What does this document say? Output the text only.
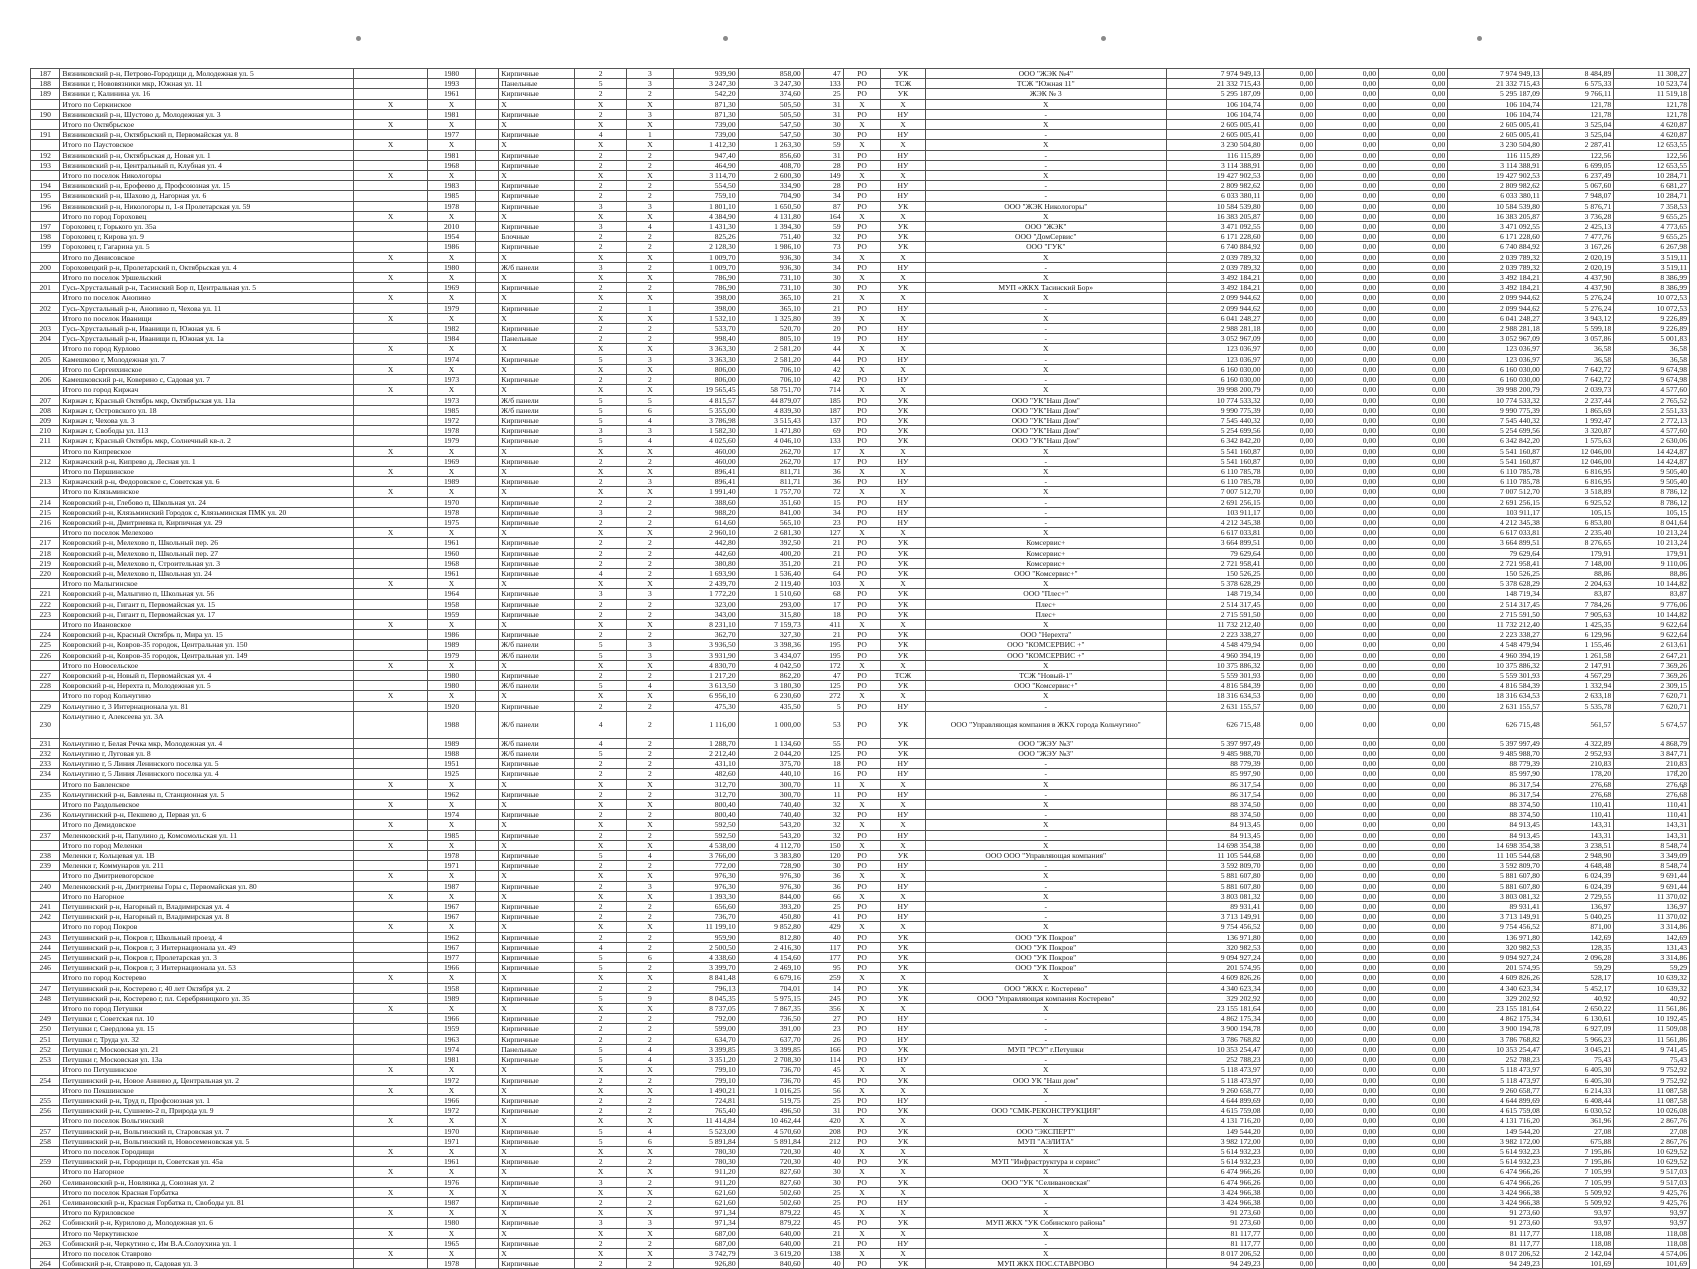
187	Вязниковский р-н, Петрово-Городищи д, Молодежная ул. 5		1980		Кирпичные	2	3	939,90	858,00	47	РО	УК	ООО "ЖЭК №4"	7 974 949,13	0,00	0,00	0,00	7 974 949,13	8 484,89	11 308,27
188	Вязники г, Нововязники мкр, Южная ул. 11		1993		Панельные	5	3	3 247,30	3 247,30	133	РО	ТСЖ	ТСЖ "Южная 11"	21 332 715,43	0,00	0,00	0,00	21 332 715,43	6 575,33	10 523,74
189	Вязники г, Калинина ул. 16		1961		Кирпичные	2	2	542,20	374,60	25	РО	УК	ЖЭК № 3	5 295 187,09	0,00	0,00	0,00	5 295 187,09	9 766,11	11 519,18
	Итого по Серкинское	X	X		X	X	X	871,30	505,50	31	X	X	X	106 104,74	0,00	0,00	0,00	106 104,74	121,78	121,78
190	Вязниковский р-н, Шустово д, Молодежная ул. 3		1981		Кирпичные	2	3	871,30	505,50	31	РО	НУ	-	106 104,74	0,00	0,00	0,00	106 104,74	121,78	121,78
	Итого по Октябрьское	X	X		X	X	X	739,00	547,50	30	X	X	X	2 605 005,41	0,00	0,00	0,00	2 605 005,41	3 525,04	4 620,87
191	Вязниковский р-н, Октябрьский п, Первомайская ул. 8		1977		Кирпичные	4	1	739,00	547,50	30	РО	НУ	-	2 605 005,41	0,00	0,00	0,00	2 605 005,41	3 525,04	4 620,87
	Итого по Паустовское	X	X		X	X	X	1 412,30	1 263,30	59	X	X	X	3 230 504,80	0,00	0,00	0,00	3 230 504,80	2 287,41	12 653,55
192	Вязниковский р-н, Октябрьская д, Новая ул. 1		1981		Кирпичные	2	2	947,40	856,60	31	РО	НУ	-	116 115,89	0,00	0,00	0,00	116 115,89	122,56	122,56
193	Вязниковский р-н, Центральный п, Клубная ул. 4		1968		Кирпичные	2	2	464,90	408,70	28	РО	НУ	-	3 114 388,91	0,00	0,00	0,00	3 114 388,91	6 699,05	12 653,55
	Итого по поселок Никологоры	X	X		X	X	X	3 114,70	2 600,30	149	X	X	X	19 427 902,53	0,00	0,00	0,00	19 427 902,53	6 237,49	10 284,71
194	Вязниковский р-н, Ерофеево д, Профсоюзная ул. 15		1983		Кирпичные	2	2	554,50	334,90	28	РО	НУ	-	2 809 982,62	0,00	0,00	0,00	2 809 982,62	5 067,60	6 681,27
195	Вязниковский р-н, Шахово д, Нагорная ул. 6		1985		Кирпичные	2	2	759,10	704,90	34	РО	НУ	-	6 033 380,11	0,00	0,00	0,00	6 033 380,11	7 948,07	10 284,71
196	Вязниковский р-н, Никологоры п, 1-я Пролетарская ул. 59		1978		Кирпичные	3	3	1 801,10	1 650,50	87	РО	УК	ООО "ЖЭК Никологоры"	10 584 539,80	0,00	0,00	0,00	10 584 539,80	5 876,71	7 358,53
	Итого по город Гороховец	X	X		X	X	X	4 384,90	4 131,80	164	X	X	X	16 383 205,87	0,00	0,00	0,00	16 383 205,87	3 736,28	9 655,25
197	Гороховец г, Горького ул. 35а		2010		Кирпичные	3	4	1 431,30	1 394,30	59	РО	УК	ООО "ЖЭК"	3 471 092,55	0,00	0,00	0,00	3 471 092,55	2 425,13	4 773,65
198	Гороховец г, Кирова ул. 9		1954		Блочные	2	2	825,26	751,40	32	РО	УК	ООО "ДомСервис"	6 171 228,60	0,00	0,00	0,00	6 171 228,60	7 477,76	9 655,25
199	Гороховец г, Гагарина ул. 5		1986		Кирпичные	2	2	2 128,30	1 986,10	73	РО	УК	ООО "ГУК"	6 740 884,92	0,00	0,00	0,00	6 740 884,92	3 167,26	6 267,98
	Итого по Денисовское	X	X		X	X	X	1 009,70	936,30	34	X	X	X	2 039 789,32	0,00	0,00	0,00	2 039 789,32	2 020,19	3 519,11
200	Гороховецкий р-н, Пролетарский п, Октябрьская ул. 4		1980		Ж/б панели	3	2	1 009,70	936,30	34	РО	НУ	-	2 039 789,32	0,00	0,00	0,00	2 039 789,32	2 020,19	3 519,11
	Итого по поселок Уршельский	X	X		X	X	X	786,90	731,10	30	X	X	X	3 492 184,21	0,00	0,00	0,00	3 492 184,21	4 437,90	8 386,99
201	Гусь-Хрустальный р-н, Тасинский Бор п, Центральная ул. 5		1969		Кирпичные	2	2	786,90	731,10	30	РО	УК	МУП «ЖКХ Тасинский Бор»	3 492 184,21	0,00	0,00	0,00	3 492 184,21	4 437,90	8 386,99
	Итого по поселок Анопино	X	X		X	X	X	398,00	365,10	21	X	X	X	2 099 944,62	0,00	0,00	0,00	2 099 944,62	5 276,24	10 072,53
202	Гусь-Хрустальный р-н, Анопино п, Чехова ул. 11		1979		Кирпичные	2	1	398,00	365,10	21	РО	НУ	-	2 099 944,62	0,00	0,00	0,00	2 099 944,62	5 276,24	10 072,53
	Итого по поселок Иванищи	X	X		X	X	X	1 532,10	1 325,80	39	X	X	X	6 041 248,27	0,00	0,00	0,00	6 041 248,27	3 943,12	9 226,89
203	Гусь-Хрустальный р-н, Иванищи п, Южная ул. 6		1982		Кирпичные	2	2	533,70	520,70	20	РО	НУ	-	2 988 281,18	0,00	0,00	0,00	2 988 281,18	5 599,18	9 226,89
204	Гусь-Хрустальный р-н, Иванищи п, Южная ул. 1а		1984		Панельные	2	2	998,40	805,10	19	РО	НУ	-	3 052 967,09	0,00	0,00	0,00	3 052 967,09	3 057,86	5 001,83
	Итого по город Курлово	X	X		X	X	X	3 363,30	2 581,20	44	X	X	X	123 036,97	0,00	0,00	0,00	123 036,97	36,58	36,58
205	Камешково г, Молодежная ул. 7		1974		Кирпичные	5	3	3 363,30	2 581,20	44	РО	НУ	-	123 036,97	0,00	0,00	0,00	123 036,97	36,58	36,58
	Итого по Сергеихинское	X	X		X	X	X	806,00	706,10	42	X	X	X	6 160 030,00	0,00	0,00	0,00	6 160 030,00	7 642,72	9 674,98
206	Камешковский р-н, Коверино с, Садовая ул. 7		1973		Кирпичные	2	2	806,00	706,10	42	РО	НУ	-	6 160 030,00	0,00	0,00	0,00	6 160 030,00	7 642,72	9 674,98
	Итого по город Киржач	X	X		X	X	X	19 565,45	58 751,70	714	X	X	X	39 998 200,79	0,00	0,00	0,00	39 998 200,79	2 039,73	4 577,60
207	Киржач г, Красный Октябрь мкр, Октябрьская ул. 11а		1973		Ж/б панели	5	5	4 815,57	44 879,07	185	РО	УК	ООО "УК"Наш Дом"	10 774 533,32	0,00	0,00	0,00	10 774 533,32	2 237,44	2 765,52
208	Киржач г, Островского ул. 18		1985		Ж/б панели	5	6	5 355,00	4 839,30	187	РО	УК	ООО "УК"Наш Дом"	9 990 775,39	0,00	0,00	0,00	9 990 775,39	1 865,69	2 551,33
209	Киржач г, Чехова ул. 3		1972		Кирпичные	5	4	3 786,98	3 515,43	137	РО	УК	ООО "УК"Наш Дом"	7 545 440,32	0,00	0,00	0,00	7 545 440,32	1 992,47	2 772,13
210	Киржач г, Свободы ул. 113		1978		Кирпичные	3	3	1 582,30	1 471,80	69	РО	УК	ООО "УК"Наш Дом"	5 254 699,56	0,00	0,00	0,00	5 254 699,56	3 320,87	4 577,60
211	Киржач г, Красный Октябрь мкр, Солнечный кв-л. 2		1979		Кирпичные	5	4	4 025,60	4 046,10	133	РО	УК	ООО "УК"Наш Дом"	6 342 842,20	0,00	0,00	0,00	6 342 842,20	1 575,63	2 630,06
	Итого по Кипревское	X	X		X	X	X	460,00	262,70	17	X	X	X	5 541 160,87	0,00	0,00	0,00	5 541 160,87	12 046,00	14 424,87
212	Киржачский р-н, Кипрево д, Лесная ул. 1		1969		Кирпичные	2	2	460,00	262,70	17	РО	НУ	-	5 541 160,87	0,00	0,00	0,00	5 541 160,87	12 046,00	14 424,87
	Итого по Першинское	X	X		X	X	X	896,41	811,71	36	X	X	X	6 110 785,78	0,00	0,00	0,00	6 110 785,78	6 816,95	9 505,40
213	Киржачский р-н, Федоровское с, Советская ул. 6		1989		Кирпичные	2	3	896,41	811,71	36	РО	НУ	-	6 110 785,78	0,00	0,00	0,00	6 110 785,78	6 816,95	9 505,40
	Итого по Клязьминское	X	X		X	X	X	1 991,40	1 757,70	72	X	X	X	7 007 512,70	0,00	0,00	0,00	7 007 512,70	3 518,89	8 786,12
214	Ковровский р-н, Глебово п, Школьная ул. 24		1970		Кирпичные	2	2	388,60	351,60	15	РО	НУ	-	2 691 256,15	0,00	0,00	0,00	2 691 256,15	6 925,52	8 786,12
215	Ковровский р-н, Клязьминский Городок с, Клязьминская ПМК ул. 20		1978		Кирпичные	3	2	988,20	841,00	34	РО	НУ	-	103 911,17	0,00	0,00	0,00	103 911,17	105,15	105,15
216	Ковровский р-н, Дмитриевка п, Кирпичная ул. 29		1975		Кирпичные	2	2	614,60	565,10	23	РО	НУ	-	4 212 345,38	0,00	0,00	0,00	4 212 345,38	6 853,80	8 041,64
	Итого по поселок Мелехово	X	X		X	X	X	2 960,10	2 681,30	127	X	X	X	6 617 033,81	0,00	0,00	0,00	6 617 033,81	2 235,40	10 213,24
217	Ковровский р-н, Мелехово п, Школьный пер. 26		1961		Кирпичные	2	2	442,80	392,50	21	РО	УК	Комсервис+	3 664 899,51	0,00	0,00	0,00	3 664 899,51	8 276,65	10 213,24
218	Ковровский р-н, Мелехово п, Школьный пер. 27		1960		Кирпичные	2	2	442,60	400,20	21	РО	УК	Комсервис+	79 629,64	0,00	0,00	0,00	79 629,64	179,91	179,91
219	Ковровский р-н, Мелехово п, Строительная ул. 3		1968		Кирпичные	2	2	380,80	351,20	21	РО	УК	Комсервис+	2 721 958,41	0,00	0,00	0,00	2 721 958,41	7 148,00	9 110,06
220	Ковровский р-н, Мелехово п, Школьная ул. 24		1961		Кирпичные	4	2	1 693,90	1 536,40	64	РО	УК	ООО "Комсервис+"	150 526,25	0,00	0,00	0,00	150 526,25	88,86	88,86
	Итого по Малыгинское	X	X		X	X	X	2 439,70	2 119,40	103	X	X	X	5 378 628,29	0,00	0,00	0,00	5 378 628,29	2 204,63	10 144,82
221	Ковровский р-н, Малыгино п, Школьная ул. 56		1964		Кирпичные	3	3	1 772,20	1 510,60	68	РО	УК	ООО "Плес+"	148 719,34	0,00	0,00	0,00	148 719,34	83,87	83,87
222	Ковровский р-н, Гигант п, Первомайская ул. 15		1958		Кирпичные	2	2	323,00	293,00	17	РО	УК	Плес+	2 514 317,45	0,00	0,00	0,00	2 514 317,45	7 784,26	9 776,06
223	Ковровский р-н, Гигант п, Первомайская ул. 17		1959		Кирпичные	2	2	343,00	315,80	18	РО	УК	Плес+	2 715 591,50	0,00	0,00	0,00	2 715 591,50	7 905,63	10 144,82
	Итого по Ивановское	X	X		X	X	X	8 231,10	7 159,73	411	X	X	X	11 732 212,40	0,00	0,00	0,00	11 732 212,40	1 425,35	9 622,64
224	Ковровский р-н, Красный Октябрь п, Мира ул. 15		1986		Кирпичные	2	2	362,70	327,30	21	РО	УК	ООО "Нерехта"	2 223 338,27	0,00	0,00	0,00	2 223 338,27	6 129,96	9 622,64
225	Ковровский р-н, Ковров-35 городок, Центральная ул. 150		1989		Ж/б панели	5	3	3 936,50	3 398,36	195	РО	УК	ООО "КОМСЕРВИС +"	4 548 479,94	0,00	0,00	0,00	4 548 479,94	1 155,46	2 613,61
226	Ковровский р-н, Ковров-35 городок, Центральная ул. 149		1979		Ж/б панели	5	3	3 931,90	3 434,07	195	РО	УК	ООО "КОМСЕРВИС +"	4 960 394,19	0,00	0,00	0,00	4 960 394,19	1 261,58	2 647,21
	Итого по Новосельское	X	X		X	X	X	4 830,70	4 042,50	172	X	X	X	10 375 886,32	0,00	0,00	0,00	10 375 886,32	2 147,91	7 369,26
227	Ковровский р-н, Новый п, Первомайская ул. 4		1980		Кирпичные	2	2	1 217,20	862,20	47	РО	ТСЖ	ТСЖ "Новый-1"	5 559 301,93	0,00	0,00	0,00	5 559 301,93	4 567,29	7 369,26
228	Ковровский р-н, Нерехта п, Молодежная ул. 5		1980		Ж/б панели	5	4	3 613,50	3 180,30	125	РО	УК	ООО "Комсервис+"	4 816 584,39	0,00	0,00	0,00	4 816 584,39	1 332,94	2 309,15
	Итого по город Кольчугино	X	X		X	X	X	6 956,10	6 230,60	272	X	X	X	18 316 634,53	0,00	0,00	0,00	18 316 634,53	2 633,18	7 620,71
229	Кольчугино г, 3 Интернационала ул. 81		1920		Кирпичные	2	2	475,30	435,50	5	РО	НУ	-	2 631 155,57	0,00	0,00	0,00	2 631 155,57	5 535,78	7 620,71
230	Кольчугино г, Алексеева ул. 3А		1988		Ж/б панели	4	2	1 116,00	1 000,00	53	РО	УК	ООО "Управляющая компания в ЖКХ города Кольчугино"	626 715,48	0,00	0,00	0,00	626 715,48	561,57	5 674,57
231	Кольчугино г, Белая Речка мкр, Молодежная ул. 4		1989		Ж/б панели	4	2	1 288,70	1 134,60	55	РО	УК	ООО "ЖЭУ №3"	5 397 997,49	0,00	0,00	0,00	5 397 997,49	4 322,89	4 868,79
232	Кольчугино г, Луговая ул. 8		1988		Ж/б панели	5	2	2 212,40	2 044,20	125	РО	УК	ООО "ЖЭУ №3"	9 485 988,70	0,00	0,00	0,00	9 485 988,70	2 952,93	3 847,71
233	Кольчугино г, 5 Линия Ленинского поселка ул. 5		1951		Кирпичные	2	2	431,10	375,70	18	РО	НУ	-	88 779,39	0,00	0,00	0,00	88 779,39	210,83	210,83
234	Кольчугино г, 5 Линия Ленинского поселка ул. 4		1925		Кирпичные	2	2	482,60	440,10	16	РО	НУ	-	85 997,90	0,00	0,00	0,00	85 997,90	178,20	178,20
	Итого по Бавленское	X	X		X	X	X	312,70	300,70	11	X	X	X	86 317,54	0,00	0,00	0,00	86 317,54	276,68	276,68
235	Кольчугинский р-н, Бавлены п, Станционная ул. 5		1962		Кирпичные	2	2	312,70	300,70	11	РО	НУ	-	86 317,54	0,00	0,00	0,00	86 317,54	276,68	276,68
	Итого по Раздольевское	X	X		X	X	X	800,40	740,40	32	X	X	X	88 374,50	0,00	0,00	0,00	88 374,50	110,41	110,41
236	Кольчугинский р-н, Пекшево д, Первая ул. 6		1974		Кирпичные	2	2	800,40	740,40	32	РО	НУ	-	88 374,50	0,00	0,00	0,00	88 374,50	110,41	110,41
	Итого по Демидовское	X	X		X	X	X	592,50	543,20	32	X	X	X	84 913,45	0,00	0,00	0,00	84 913,45	143,31	143,31
237	Меленковский р-н, Папулино д, Комсомольская ул. 11		1985		Кирпичные	2	2	592,50	543,20	32	РО	НУ	-	84 913,45	0,00	0,00	0,00	84 913,45	143,31	143,31
	Итого по город Меленки	X	X		X	X	X	4 538,00	4 112,70	150	X	X	X	14 698 354,38	0,00	0,00	0,00	14 698 354,38	3 238,51	8 548,74
238	Меленки г, Кольцевая ул. 1В		1978		Кирпичные	5	4	3 766,00	3 383,80	120	РО	УК	ООО ООО "Управляющая компания"	11 105 544,68	0,00	0,00	0,00	11 105 544,68	2 948,90	3 349,09
239	Меленки г, Коммунаров ул. 211		1971		Кирпичные	2	2	772,00	728,90	30	РО	НУ	-	3 592 809,70	0,00	0,00	0,00	3 592 809,70	4 648,48	8 548,74
	Итого по Дмитриевогорское	X	X		X	X	X	976,30	976,30	36	X	X	X	5 881 607,80	0,00	0,00	0,00	5 881 607,80	6 024,39	9 691,44
240	Меленковский р-н, Дмитриевы Горы с, Первомайская ул. 80		1987		Кирпичные	2	3	976,30	976,30	36	РО	НУ	-	5 881 607,80	0,00	0,00	0,00	5 881 607,80	6 024,39	9 691,44
	Итого по Нагорное	X	X		X	X	X	1 393,30	844,00	66	X	X	X	3 803 081,32	0,00	0,00	0,00	3 803 081,32	2 729,55	11 370,02
241	Петушинский р-н, Нагорный п, Владимирская ул. 4		1967		Кирпичные	2	2	656,60	393,20	25	РО	НУ	-	89 931,41	0,00	0,00	0,00	89 931,41	136,97	136,97
242	Петушинский р-н, Нагорный п, Владимирская ул. 8		1967		Кирпичные	2	2	736,70	450,80	41	РО	НУ	-	3 713 149,91	0,00	0,00	0,00	3 713 149,91	5 040,25	11 370,02
	Итого по город Покров	X	X		X	X	X	11 199,10	9 852,80	429	X	X	X	9 754 456,52	0,00	0,00	0,00	9 754 456,52	871,00	3 314,86
243	Петушинский р-н, Покров г, Школьный проезд. 4		1962		Кирпичные	2	2	959,90	812,80	40	РО	УК	ООО "УК Покров"	136 971,80	0,00	0,00	0,00	136 971,80	142,69	142,69
244	Петушинский р-н, Покров г, 3 Интернационала ул. 49		1967		Кирпичные	4	2	2 500,50	2 416,30	117	РО	УК	ООО "УК Покров"	320 982,53	0,00	0,00	0,00	320 982,53	128,35	131,43
245	Петушинский р-н, Покров г, Пролетарская ул. 3		1977		Кирпичные	5	6	4 338,60	4 154,60	177	РО	УК	ООО "УК Покров"	9 094 927,24	0,00	0,00	0,00	9 094 927,24	2 096,28	3 314,86
246	Петушинский р-н, Покров г, 3 Интернационала ул. 53		1966		Кирпичные	5	2	3 399,70	2 469,10	95	РО	УК	ООО "УК Покров"	201 574,95	0,00	0,00	0,00	201 574,95	59,29	59,29
	Итого по город Костерево	X	X		X	X	X	8 841,48	6 679,16	259	X	X	X	4 609 826,26	0,00	0,00	0,00	4 609 826,26	528,17	10 639,32
247	Петушинский р-н, Костерево г, 40 лет Октября ул. 2		1958		Кирпичные	2	2	796,13	704,01	14	РО	УК	ООО "ЖКХ г. Костерево"	4 340 623,34	0,00	0,00	0,00	4 340 623,34	5 452,17	10 639,32
248	Петушинский р-н, Костерево г, пл. Серебряницкого ул. 35		1989		Кирпичные	5	9	8 045,35	5 975,15	245	РО	УК	ООО "Управляющая компания Костерево"	329 202,92	0,00	0,00	0,00	329 202,92	40,92	40,92
	Итого по город Петушки	X	X		X	X	X	8 737,05	7 867,35	356	X	X	X	23 155 181,64	0,00	0,00	0,00	23 155 181,64	2 650,22	11 561,86
249	Петушки г, Советская пл. 10		1966		Кирпичные	2	2	792,00	736,50	27	РО	НУ	-	4 862 175,34	0,00	0,00	0,00	4 862 175,34	6 130,61	10 192,45
250	Петушки г, Свердлова ул. 15		1959		Кирпичные	2	2	599,00	391,00	23	РО	НУ	-	3 900 194,78	0,00	0,00	0,00	3 900 194,78	6 927,09	11 509,08
251	Петушки г, Труда ул. 32		1963		Кирпичные	2	2	634,70	637,70	26	РО	НУ	-	3 786 768,82	0,00	0,00	0,00	3 786 768,82	5 966,23	11 561,86
252	Петушки г, Московская ул. 21		1974		Панельные	5	4	3 399,85	3 399,85	166	РО	УК	МУП "РСУ" г.Петушки	10 353 254,47	0,00	0,00	0,00	10 353 254,47	3 045,21	9 741,45
253	Петушки г, Московская ул. 13а		1981		Кирпичные	5	4	3 351,20	2 708,30	114	РО	НУ	-	252 788,23	0,00	0,00	0,00	252 788,23	75,43	75,43
	Итого по Петушинское	X	X		X	X	X	799,10	736,70	45	X	X	X	5 118 473,97	0,00	0,00	0,00	5 118 473,97	6 405,30	9 752,92
254	Петушинский р-н, Новое Аннино д, Центральная ул. 2		1972		Кирпичные	2	2	799,10	736,70	45	РО	УК	ООО УК "Наш дом"	5 118 473,97	0,00	0,00	0,00	5 118 473,97	6 405,30	9 752,92
	Итого по Пекшинское	X	X		X	X	X	1 490,21	1 016,25	56	X	X	X	9 260 658,77	0,00	0,00	0,00	9 260 658,77	6 214,33	11 087,58
255	Петушинский р-н, Труд п, Профсоюзная ул. 1		1966		Кирпичные	2	2	724,81	519,75	25	РО	НУ	-	4 644 899,69	0,00	0,00	0,00	4 644 899,69	6 408,44	11 087,58
256	Петушинский р-н, Сушнево-2 п, Природа ул. 9		1972		Кирпичные	2	2	765,40	496,50	31	РО	УК	ООО "СМК-РЕКОНСТРУКЦИЯ"	4 615 759,08	0,00	0,00	0,00	4 615 759,08	6 030,52	10 026,08
	Итого по поселок Вольгинский	X	X		X	X	X	11 414,84	10 462,44	420	X	X	X	4 131 716,20	0,00	0,00	0,00	4 131 716,20	361,96	2 867,76
257	Петушинский р-н, Вольгинский п, Старовская ул. 7		1970		Кирпичные	5	4	5 523,00	4 570,60	208	РО	УК	ООО "ЭКСПЕРТ"	149 544,20	0,00	0,00	0,00	149 544,20	27,08	27,08
258	Петушинский р-н, Вольгинский п, Новосеменовская ул. 5		1971		Кирпичные	5	6	5 891,84	5 891,84	212	РО	УК	МУП "АЭЛИТА"	3 982 172,00	0,00	0,00	0,00	3 982 172,00	675,88	2 867,76
	Итого по поселок Городищи	X	X		X	X	X	780,30	720,30	40	X	X	X	5 614 932,23	0,00	0,00	0,00	5 614 932,23	7 195,86	10 629,52
259	Петушинский р-н, Городищи п, Советская ул. 45а		1961		Кирпичные	2	2	780,30	720,30	40	РО	УК	МУП "Инфраструктура и сервис"	5 614 932,23	0,00	0,00	0,00	5 614 932,23	7 195,86	10 629,52
	Итого по Нагорное	X	X		X	X	X	911,20	827,60	30	X	X	X	6 474 966,26	0,00	0,00	0,00	6 474 966,26	7 105,99	9 517,03
260	Селивановский р-н, Новлянка д, Союзная ул. 2		1976		Кирпичные	3	2	911,20	827,60	30	РО	УК	ООО "УК "Селивановская"	6 474 966,26	0,00	0,00	0,00	6 474 966,26	7 105,99	9 517,03
	Итого по поселок Красная Горбатка	X	X		X	X	X	621,60	502,60	25	X	X	X	3 424 966,38	0,00	0,00	0,00	3 424 966,38	5 509,92	9 425,76
261	Селивановский р-н, Красная Горбатка п, Свободы ул. 81		1987		Кирпичные	2	2	621,60	502,60	25	РО	НУ	-	3 424 966,38	0,00	0,00	0,00	3 424 966,38	5 509,92	9 425,76
	Итого по Куриловское	X	X		X	X	X	971,34	879,22	45	X	X	X	91 273,60	0,00	0,00	0,00	91 273,60	93,97	93,97
262	Собинский р-н, Курилово д, Молодежная ул. 6		1980		Кирпичные	3	3	971,34	879,22	45	РО	УК	МУП ЖКХ "УК Собинского района"	91 273,60	0,00	0,00	0,00	91 273,60	93,97	93,97
	Итого по Черкутинское	X	X		X	X	X	687,00	640,00	21	X	X	X	81 117,77	0,00	0,00	0,00	81 117,77	118,08	118,08
263	Собинский р-н, Черкутино с, Им В.А.Солоухина ул. 1		1965		Кирпичные	2	2	687,00	640,00	21	РО	НУ	-	81 117,77	0,00	0,00	0,00	81 117,77	118,08	118,08
	Итого по поселок Ставрово	X	X		X	X	X	3 742,79	3 619,20	138	X	X	X	8 017 206,52	0,00	0,00	0,00	8 017 206,52	2 142,04	4 574,06
264	Собинский р-н, Ставрово п, Садовая ул. 3		1978		Кирпичные	2	2	926,80	840,60	40	РО	УК	МУП ЖКХ ПОС.СТАВРОВО	94 249,23	0,00	0,00	0,00	94 249,23	101,69	101,69
